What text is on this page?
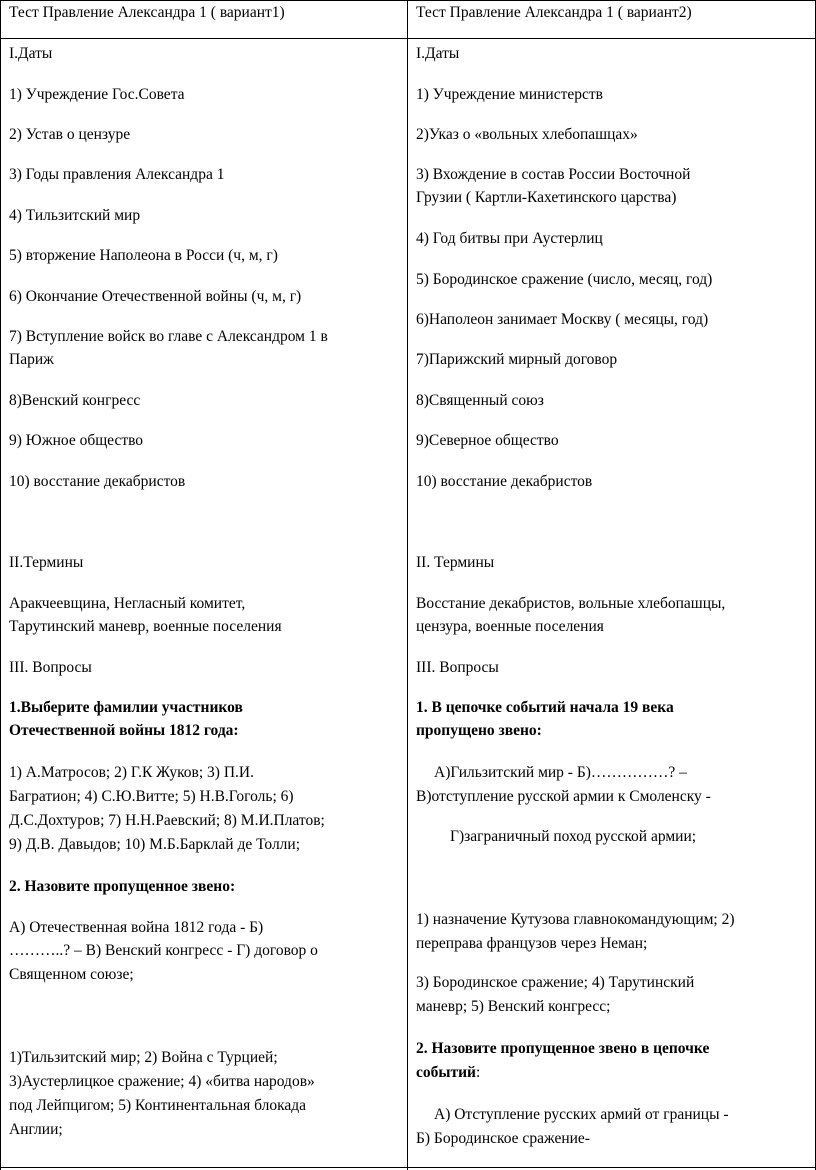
Тест Правление Александра 1 ( вариант1)
I.Даты
1) Учреждение Гос.Совета
2) Устав о цензуре
3) Годы правления Александра 1
4) Тильзитский мир
5) вторжение Наполеона в Росси (ч, м, г)
6) Окончание Отечественной войны (ч, м, г)
7) Вступление войск во главе с Александром 1 в
Париж
8)Венский конгресс
9) Южное общество
10) восстание декабристов
II.Термины
Аракчеевщина, Негласный комитет,
Тарутинский маневр, военные поселения
III. Вопросы
1.Выберите фамилии участников
Отечественной войны 1812 года:
1) А.Матросов; 2) Г.К Жуков; 3) П.И.
Багратион; 4) С.Ю.Витте; 5) Н.В.Гоголь; 6)
Д.С.Дохтуров; 7) Н.Н.Раевский; 8) М.И.Платов;
9) Д.В. Давыдов; 10) М.Б.Барклай де Толли;
2. Назовите пропущенное звено:
А) Отечественная война 1812 года - Б)
………..? – В) Венский конгресс - Г) договор о
Священном союзе;
1)Тильзитский мир; 2) Война с Турцией;
3)Аустерлицкое сражение; 4) «битва народов»
под Лейпцигом; 5) Континентальная блокада
Англии;
Тест Правление Александра 1 ( вариант2)
I.Даты
1) Учреждение министерств
2)Указ о «вольных хлебопашцах»
3) Вхождение в состав России Восточной
Грузии ( Картли-Кахетинского царства)
4) Год битвы при Аустерлиц
5) Бородинское сражение (число, месяц, год)
6)Наполеон занимает Москву ( месяцы, год)
7)Парижский мирный договор
8)Священный союз
9)Северное общество
10) восстание декабристов
II. Термины
Восстание декабристов, вольные хлебопашцы,
цензура, военные поселения
III. Вопросы
1. В цепочке событий начала 19 века
пропущено звено:
А)Гильзитский мир - Б)……………? –
В)отступление русской армии к Смоленску -
Г)заграничный поход русской армии;
1) назначение Кутузова главнокомандующим; 2)
переправа французов через Неман;
3) Бородинское сражение; 4) Тарутинский
маневр; 5) Венский конгресс;
2. Назовите пропущенное звено в цепочке
событий:
А) Отступление русских армий от границы -
Б) Бородинское сражение-
